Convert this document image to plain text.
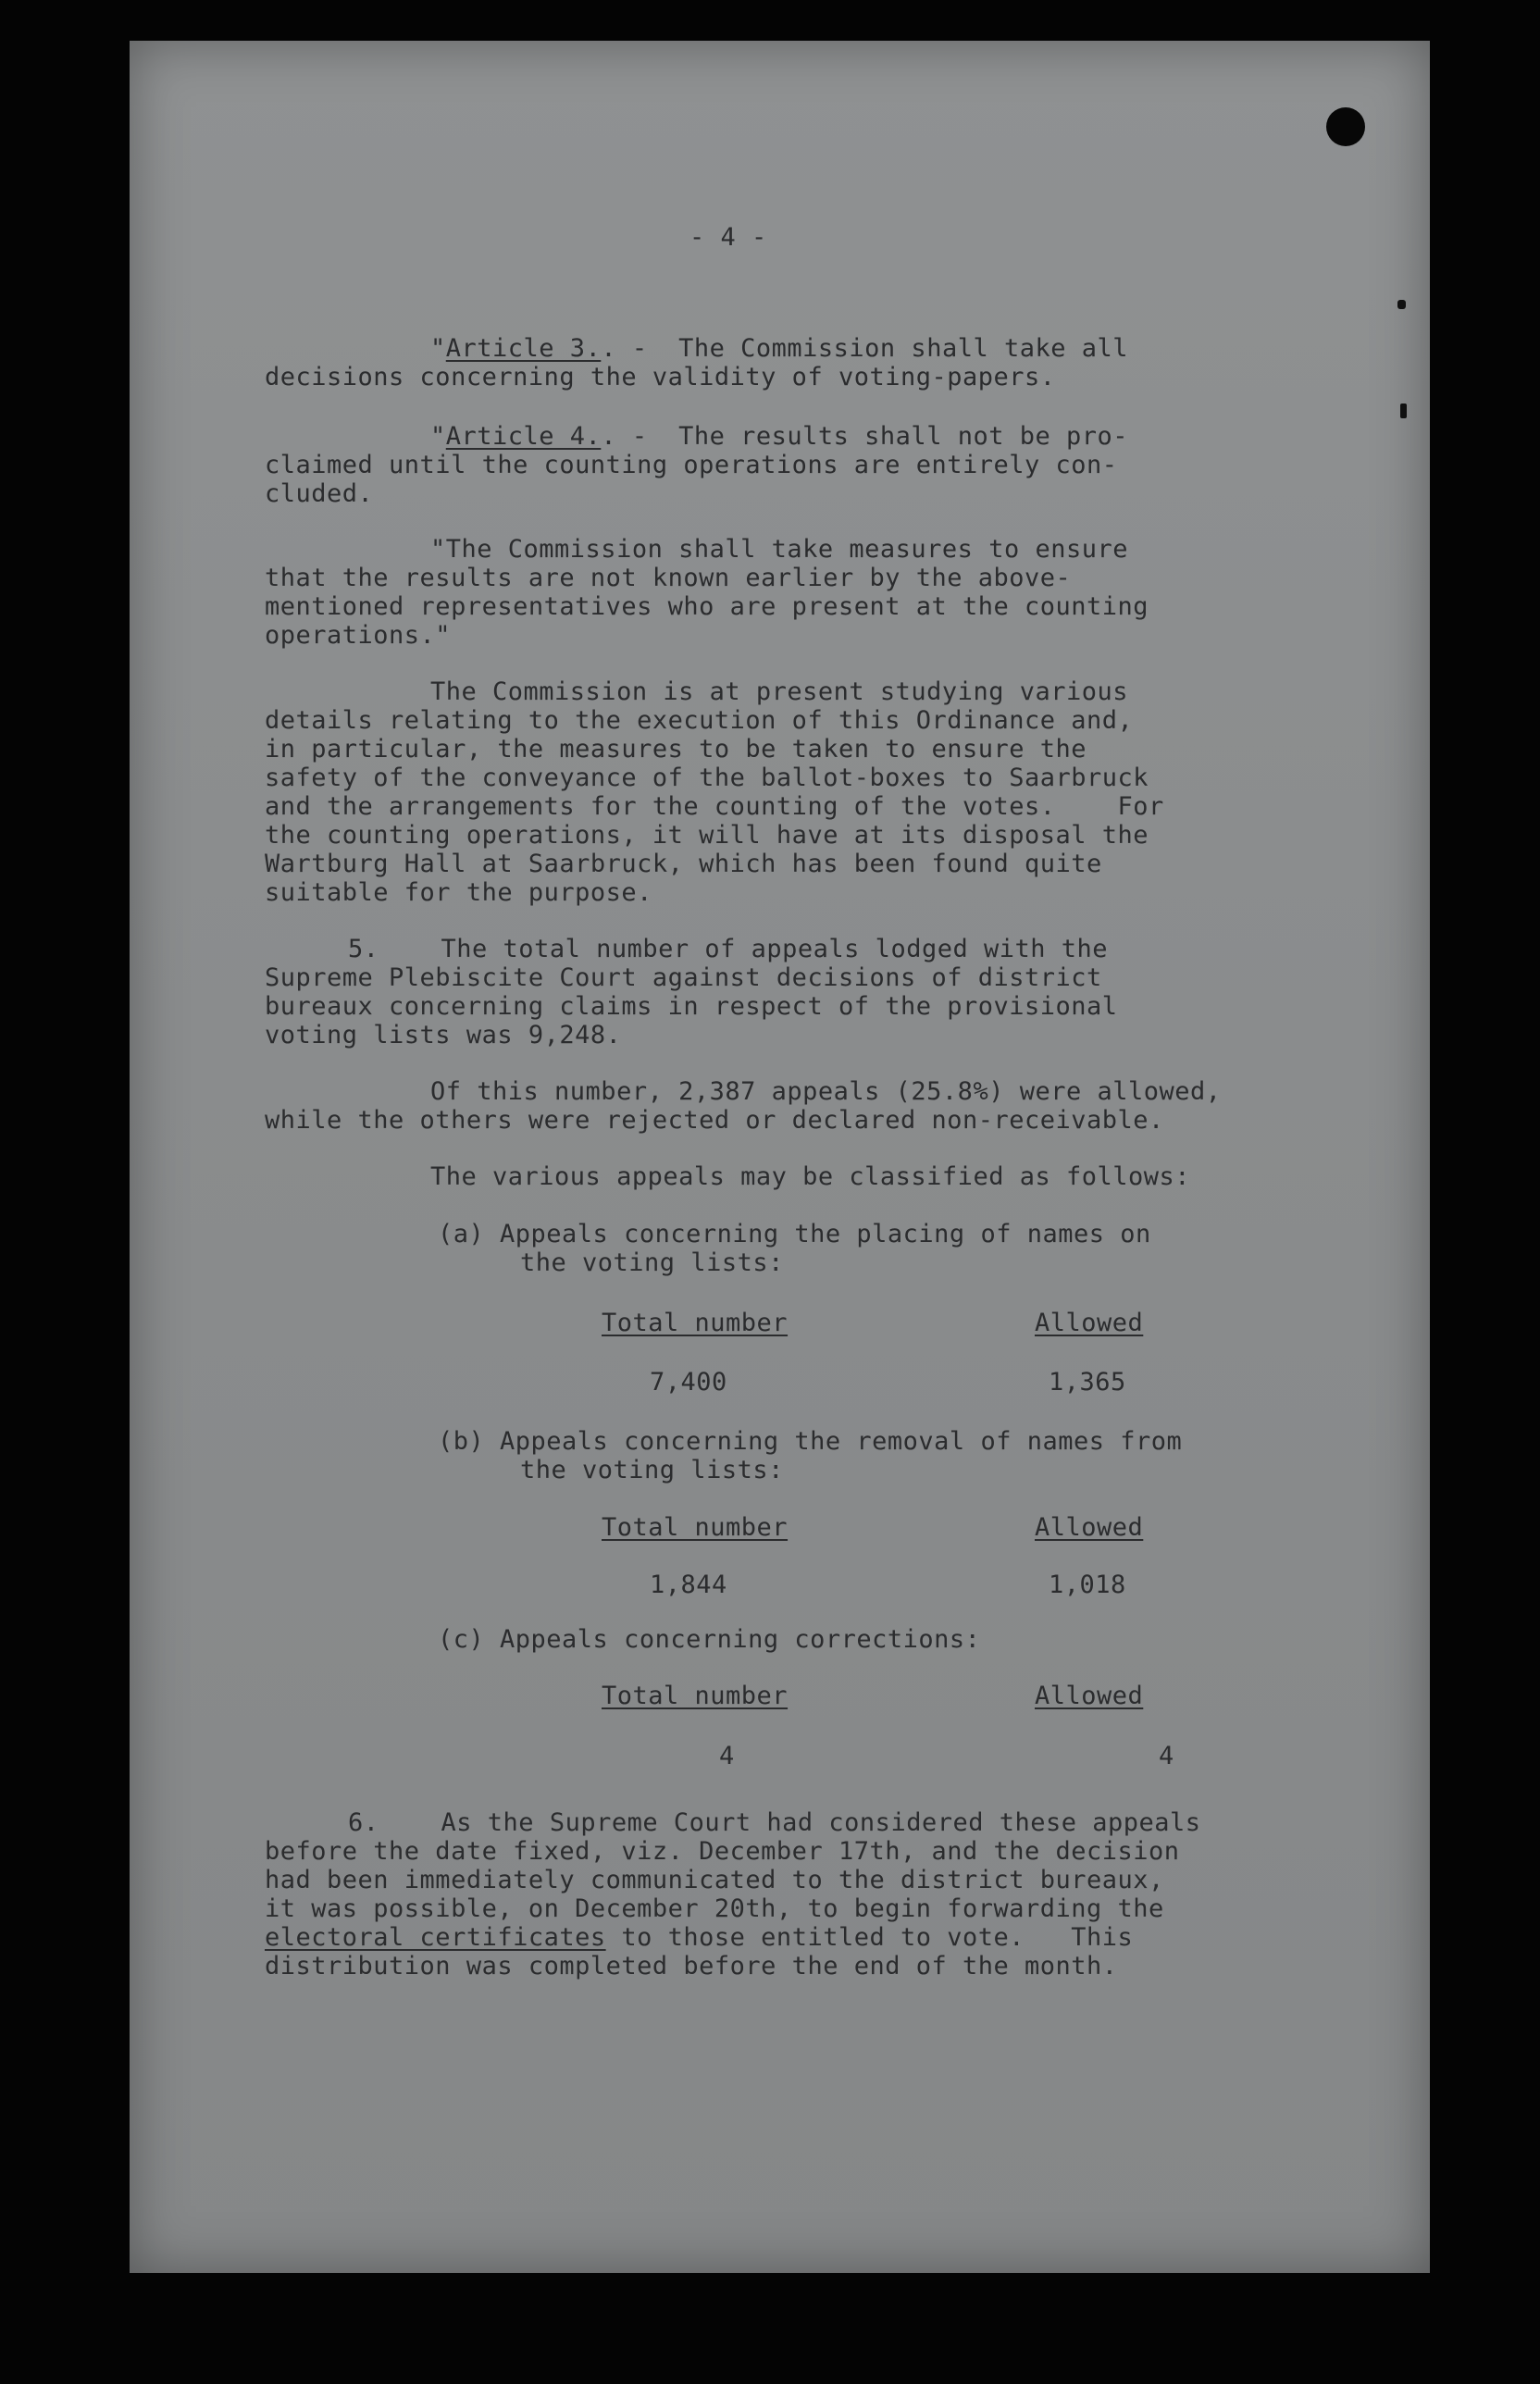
- 4 -
"Article 3.. -  The Commission shall take all
decisions concerning the validity of voting-papers.
"Article 4.. -  The results shall not be pro-
claimed until the counting operations are entirely con-
cluded.
"The Commission shall take measures to ensure
that the results are not known earlier by the above-
mentioned representatives who are present at the counting
operations."
The Commission is at present studying various
details relating to the execution of this Ordinance and,
in particular, the measures to be taken to ensure the
safety of the conveyance of the ballot-boxes to Saarbruck
and the arrangements for the counting of the votes.    For
the counting operations, it will have at its disposal the
Wartburg Hall at Saarbruck, which has been found quite
suitable for the purpose.
5.    The total number of appeals lodged with the
Supreme Plebiscite Court against decisions of district
bureaux concerning claims in respect of the provisional
voting lists was 9,248.
Of this number, 2,387 appeals (25.8%) were allowed,
while the others were rejected or declared non-receivable.
The various appeals may be classified as follows:
(a) Appeals concerning the placing of names on
the voting lists:
Total number	Allowed
7,400	1,365
(b) Appeals concerning the removal of names from
the voting lists:
Total number	Allowed
1,844	1,018
(c) Appeals concerning corrections:
Total number	Allowed
4	4
6.    As the Supreme Court had considered these appeals
before the date fixed, viz. December 17th, and the decision
had been immediately communicated to the district bureaux,
it was possible, on December 20th, to begin forwarding the
electoral certificates to those entitled to vote.   This
distribution was completed before the end of the month.
